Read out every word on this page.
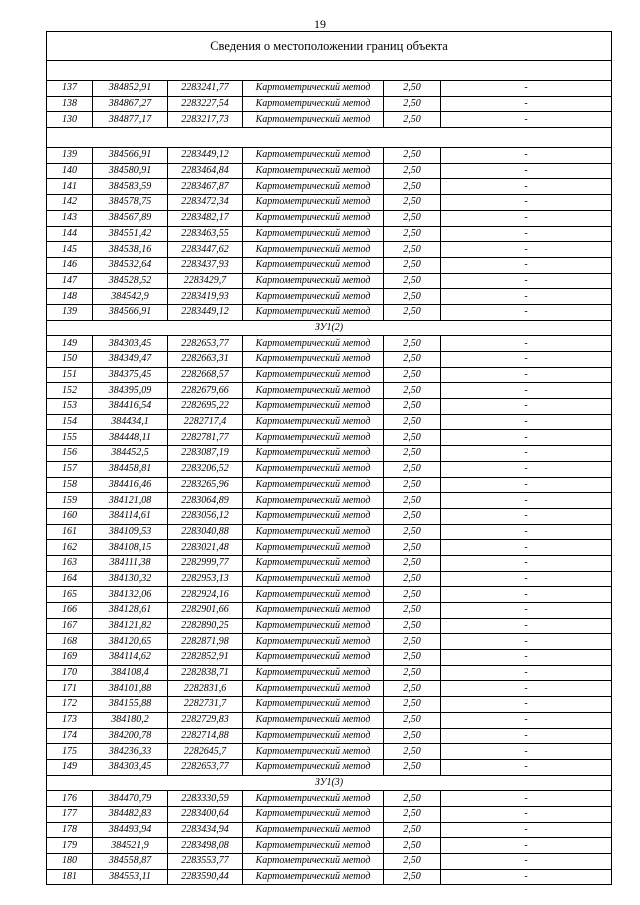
19
Сведения о местоположении границ объекта					

137	384852,91	2283241,77	Картометрический метод	2,50	-
138	384867,27	2283227,54	Картометрический метод	2,50	-
130	384877,17	2283217,73	Картометрический метод	2,50	-

139	384566,91	2283449,12	Картометрический метод	2,50	-
140	384580,91	2283464,84	Картометрический метод	2,50	-
141	384583,59	2283467,87	Картометрический метод	2,50	-
142	384578,75	2283472,34	Картометрический метод	2,50	-
143	384567,89	2283482,17	Картометрический метод	2,50	-
144	384551,42	2283463,55	Картометрический метод	2,50	-
145	384538,16	2283447,62	Картометрический метод	2,50	-
146	384532,64	2283437,93	Картометрический метод	2,50	-
147	384528,52	2283429,7	Картометрический метод	2,50	-
148	384542,9	2283419,93	Картометрический метод	2,50	-
139	384566,91	2283449,12	Картометрический метод	2,50	-
ЗУ1(2)					
149	384303,45	2282653,77	Картометрический метод	2,50	-
150	384349,47	2282663,31	Картометрический метод	2,50	-
151	384375,45	2282668,57	Картометрический метод	2,50	-
152	384395,09	2282679,66	Картометрический метод	2,50	-
153	384416,54	2282695,22	Картометрический метод	2,50	-
154	384434,1	2282717,4	Картометрический метод	2,50	-
155	384448,11	2282781,77	Картометрический метод	2,50	-
156	384452,5	2283087,19	Картометрический метод	2,50	-
157	384458,81	2283206,52	Картометрический метод	2,50	-
158	384416,46	2283265,96	Картометрический метод	2,50	-
159	384121,08	2283064,89	Картометрический метод	2,50	-
160	384114,61	2283056,12	Картометрический метод	2,50	-
161	384109,53	2283040,88	Картометрический метод	2,50	-
162	384108,15	2283021,48	Картометрический метод	2,50	-
163	384111,38	2282999,77	Картометрический метод	2,50	-
164	384130,32	2282953,13	Картометрический метод	2,50	-
165	384132,06	2282924,16	Картометрический метод	2,50	-
166	384128,61	2282901,66	Картометрический метод	2,50	-
167	384121,82	2282890,25	Картометрический метод	2,50	-
168	384120,65	2282871,98	Картометрический метод	2,50	-
169	384114,62	2282852,91	Картометрический метод	2,50	-
170	384108,4	2282838,71	Картометрический метод	2,50	-
171	384101,88	2282831,6	Картометрический метод	2,50	-
172	384155,88	2282731,7	Картометрический метод	2,50	-
173	384180,2	2282729,83	Картометрический метод	2,50	-
174	384200,78	2282714,88	Картометрический метод	2,50	-
175	384236,33	2282645,7	Картометрический метод	2,50	-
149	384303,45	2282653,77	Картометрический метод	2,50	-
ЗУ1(3)					
176	384470,79	2283330,59	Картометрический метод	2,50	-
177	384482,83	2283400,64	Картометрический метод	2,50	-
178	384493,94	2283434,94	Картометрический метод	2,50	-
179	384521,9	2283498,08	Картометрический метод	2,50	-
180	384558,87	2283553,77	Картометрический метод	2,50	-
181	384553,11	2283590,44	Картометрический метод	2,50	-
